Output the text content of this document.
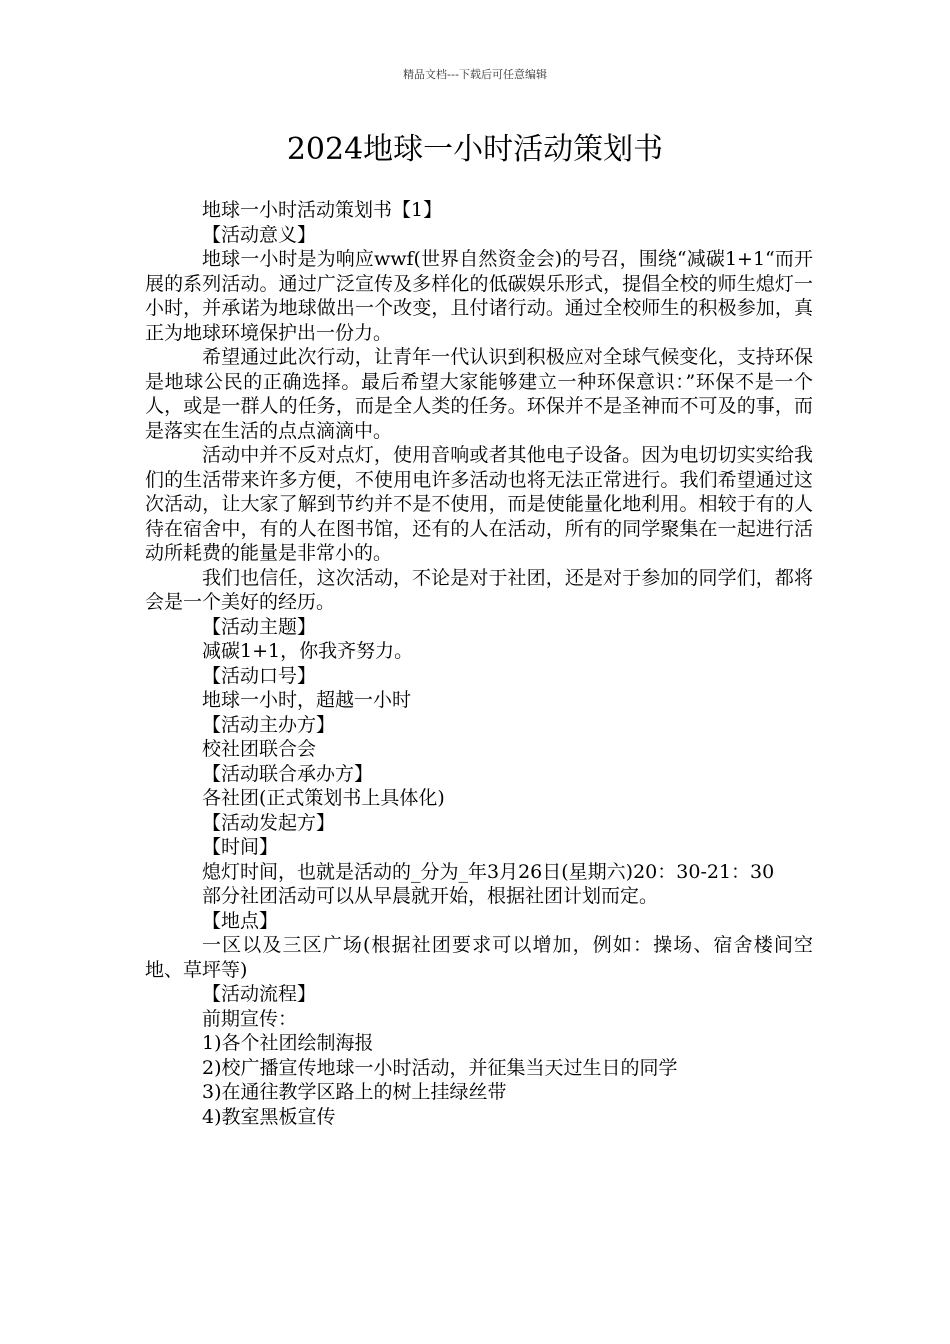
精品文档---下载后可任意编辑
2024地球一小时活动策划书

地球一小时活动策划书【1】

【活动意义】

地球一小时是为响应wwf(世界自然资金会)的号召，围绕“减碳1+1“而开展的系列活动。通过广泛宣传及多样化的低碳娱乐形式，提倡全校的师生熄灯一小时，并承诺为地球做出一个改变，且付诸行动。通过全校师生的积极参加，真正为地球环境保护出一份力。

希望通过此次行动，让青年一代认识到积极应对全球气候变化，支持环保是地球公民的正确选择。最后希望大家能够建立一种环保意识：”环保不是一个人，或是一群人的任务，而是全人类的任务。环保并不是圣神而不可及的事，而是落实在生活的点点滴滴中。

活动中并不反对点灯，使用音响或者其他电子设备。因为电切切实实给我们的生活带来许多方便，不使用电许多活动也将无法正常进行。我们希望通过这次活动，让大家了解到节约并不是不使用，而是使能量化地利用。相较于有的人待在宿舍中，有的人在图书馆，还有的人在活动，所有的同学聚集在一起进行活动所耗费的能量是非常小的。

我们也信任，这次活动，不论是对于社团，还是对于参加的同学们，都将会是一个美好的经历。

【活动主题】

减碳1+1，你我齐努力。

【活动口号】

地球一小时，超越一小时

【活动主办方】

校社团联合会

【活动联合承办方】

各社团(正式策划书上具体化)

【活动发起方】

【时间】

熄灯时间，也就是活动的_分为_年3月26日(星期六)20：30-21：30

部分社团活动可以从早晨就开始，根据社团计划而定。

【地点】

一区以及三区广场(根据社团要求可以增加，例如：操场、宿舍楼间空地、草坪等)

【活动流程】

前期宣传：

1)各个社团绘制海报

2)校广播宣传地球一小时活动，并征集当天过生日的同学

3)在通往教学区路上的树上挂绿丝带

4)教室黑板宣传
